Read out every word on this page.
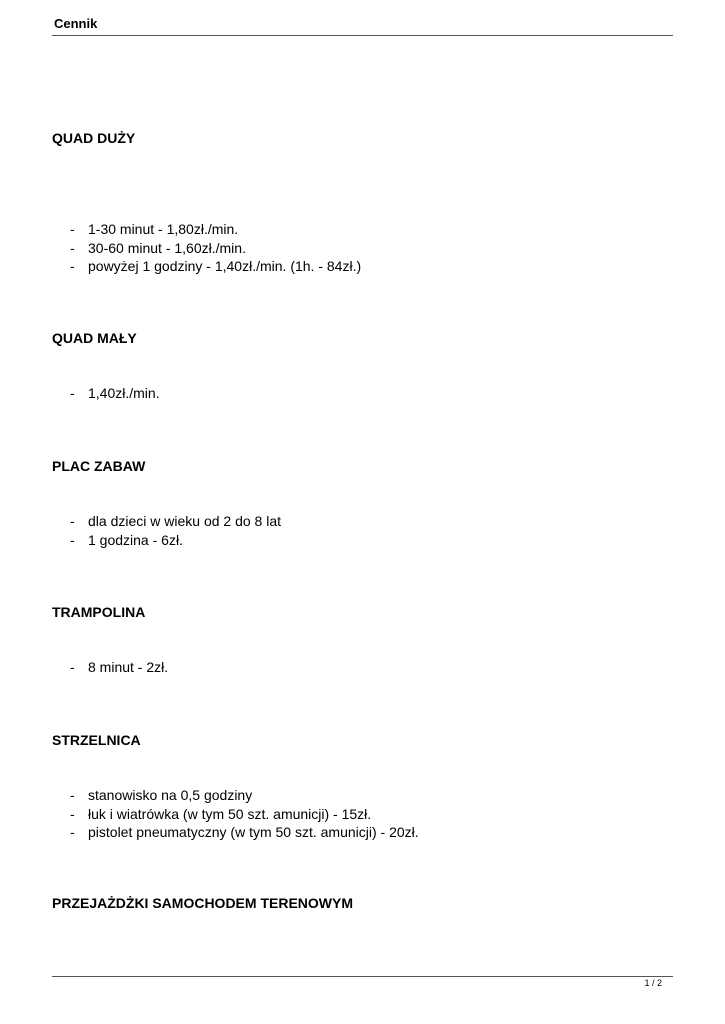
Cennik
QUAD DUŻY
- 1-30 minut - 1,80zł./min.
- 30-60 minut - 1,60zł./min.
- powyżej 1 godziny - 1,40zł./min. (1h. - 84zł.)
QUAD MAŁY
- 1,40zł./min.
PLAC ZABAW
- dla dzieci w wieku od 2 do 8 lat
- 1 godzina - 6zł.
TRAMPOLINA
- 8 minut - 2zł.
STRZELNICA
- stanowisko na 0,5 godziny
- łuk i wiatrówka (w tym 50 szt. amunicji) - 15zł.
- pistolet pneumatyczny (w tym 50 szt. amunicji) - 20zł.
PRZEJAŻDŻKI SAMOCHODEM TERENOWYM
1 / 2
